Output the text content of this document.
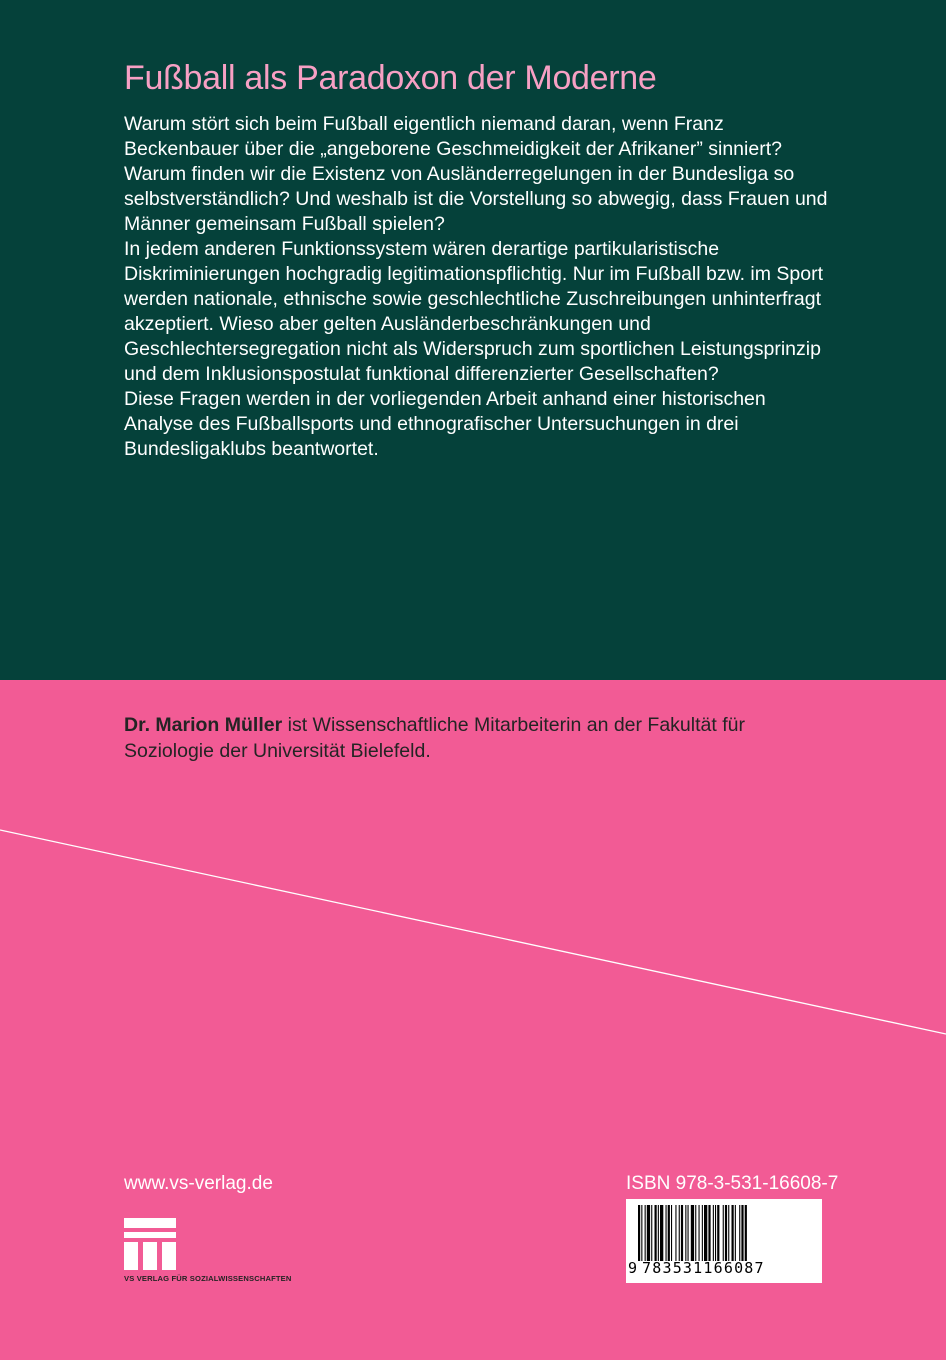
Fußball als Paradoxon der Moderne

Warum stört sich beim Fußball eigentlich niemand daran, wenn Franz Beckenbauer über die „angeborene Geschmeidigkeit der Afrikaner” sinniert? Warum finden wir die Existenz von Ausländerregelungen in der Bundesliga so selbstverständlich? Und weshalb ist die Vorstellung so abwegig, dass Frauen und Männer gemeinsam Fußball spielen?

In jedem anderen Funktionssystem wären derartige partikularistische Diskriminierungen hochgradig legitimationspflichtig. Nur im Fußball bzw. im Sport werden nationale, ethnische sowie geschlechtliche Zuschreibungen unhinterfragt akzeptiert. Wieso aber gelten Ausländerbeschränkungen und Geschlechtersegregation nicht als Widerspruch zum sportlichen Leistungsprinzip und dem Inklusionspostulat funktional differenzierter Gesellschaften?

Diese Fragen werden in der vorliegenden Arbeit anhand einer historischen Analyse des Fußballsports und ethnografischer Untersuchungen in drei Bundesligaklubs beantwortet.

Dr. Marion Müller ist Wissenschaftliche Mitarbeiterin an der Fakultät für Soziologie der Universität Bielefeld.
www.vs-verlag.de
VS VERLAG FÜR SOZIALWISSENSCHAFTEN
ISBN 978-3-531-16608-7
9 783531166087
